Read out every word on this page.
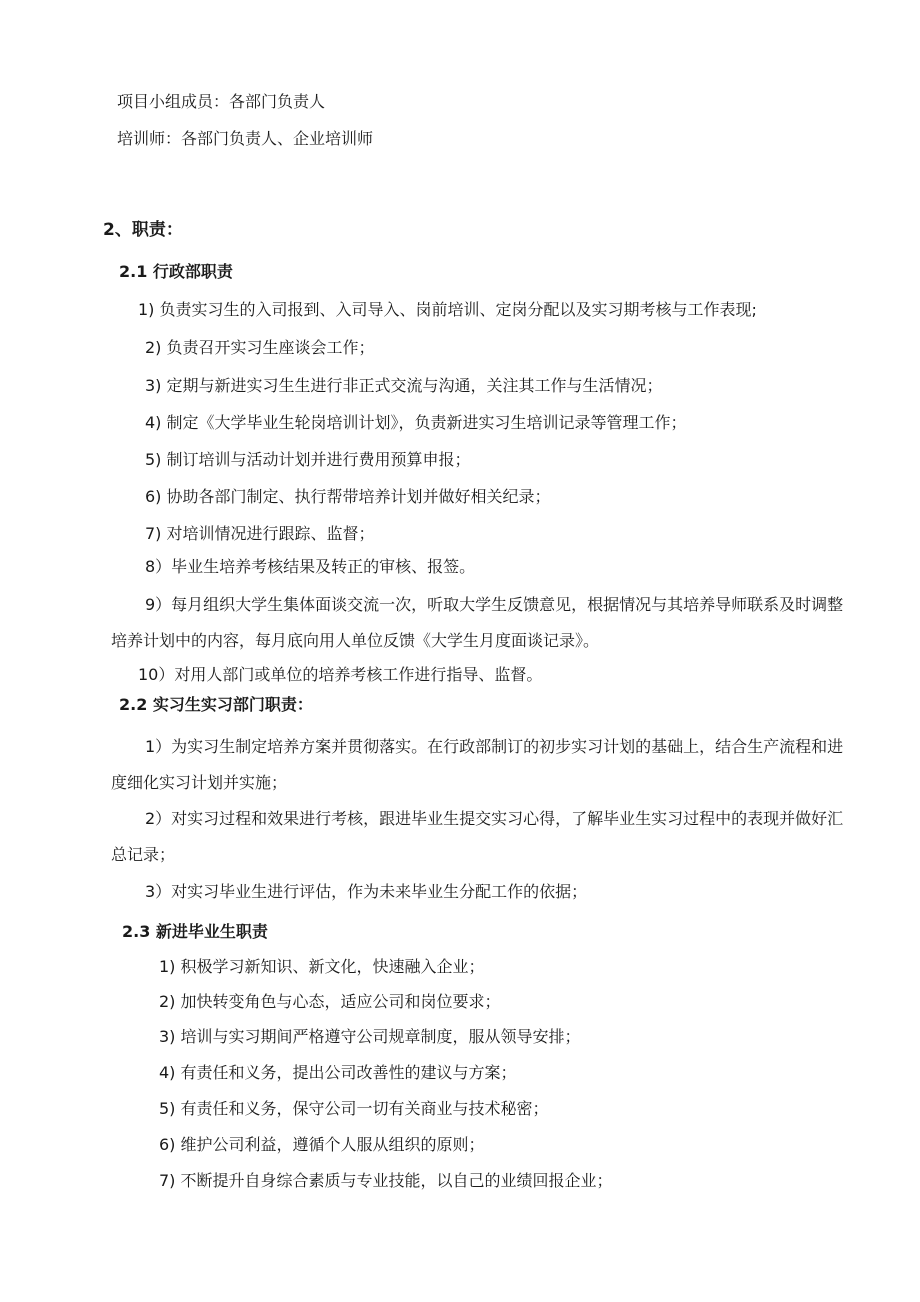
项目小组成员：各部门负责人
培训师：各部门负责人、企业培训师
2、职责：
2.1 行政部职责
1) 负责实习生的入司报到、入司导入、岗前培训、定岗分配以及实习期考核与工作表现;
2) 负责召开实习生座谈会工作；
3) 定期与新进实习生生进行非正式交流与沟通，关注其工作与生活情况；
4) 制定《大学毕业生轮岗培训计划》，负责新进实习生培训记录等管理工作；
5) 制订培训与活动计划并进行费用预算申报；
6) 协助各部门制定、执行帮带培养计划并做好相关纪录；
7) 对培训情况进行跟踪、监督；
8）毕业生培养考核结果及转正的审核、报签。
9）每月组织大学生集体面谈交流一次，听取大学生反馈意见，根据情况与其培养导师联系及时调整培养计划中的内容，每月底向用人单位反馈《大学生月度面谈记录》。
10）对用人部门或单位的培养考核工作进行指导、监督。
2.2 实习生实习部门职责：
1）为实习生制定培养方案并贯彻落实。在行政部制订的初步实习计划的基础上，结合生产流程和进度细化实习计划并实施；
2）对实习过程和效果进行考核，跟进毕业生提交实习心得，了解毕业生实习过程中的表现并做好汇总记录；
3）对实习毕业生进行评估，作为未来毕业生分配工作的依据；
2.3 新进毕业生职责
1) 积极学习新知识、新文化，快速融入企业；
2) 加快转变角色与心态，适应公司和岗位要求；
3) 培训与实习期间严格遵守公司规章制度，服从领导安排；
4) 有责任和义务，提出公司改善性的建议与方案；
5) 有责任和义务，保守公司一切有关商业与技术秘密；
6) 维护公司利益，遵循个人服从组织的原则；
7) 不断提升自身综合素质与专业技能，以自己的业绩回报企业；
